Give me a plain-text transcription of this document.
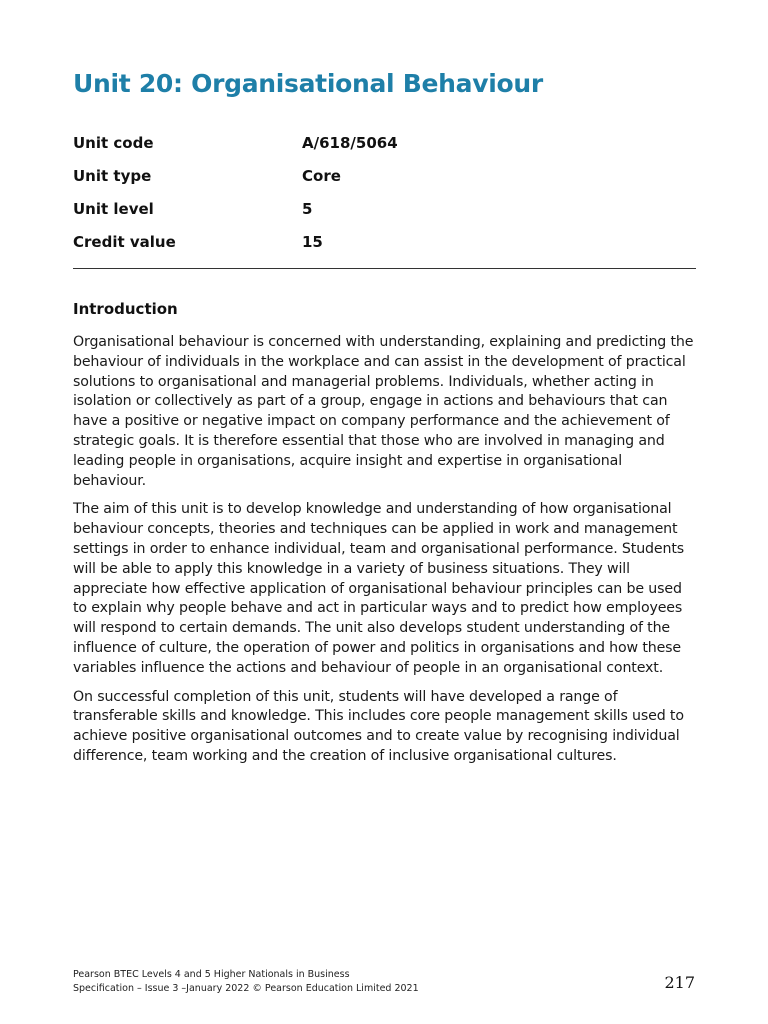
Unit 20: Organisational Behaviour
Unit code	A/618/5064
Unit type	Core
Unit level	5
Credit value	15
Introduction

Organisational behaviour is concerned with understanding, explaining and predicting the behaviour of individuals in the workplace and can assist in the development of practical solutions to organisational and managerial problems. Individuals, whether acting in isolation or collectively as part of a group, engage in actions and behaviours that can have a positive or negative impact on company performance and the achievement of strategic goals. It is therefore essential that those who are involved in managing and leading people in organisations, acquire insight and expertise in organisational behaviour.

The aim of this unit is to develop knowledge and understanding of how organisational behaviour concepts, theories and techniques can be applied in work and management settings in order to enhance individual, team and organisational performance. Students will be able to apply this knowledge in a variety of business situations. They will appreciate how effective application of organisational behaviour principles can be used to explain why people behave and act in particular ways and to predict how employees will respond to certain demands. The unit also develops student understanding of the influence of culture, the operation of power and politics in organisations and how these variables influence the actions and behaviour of people in an organisational context.

On successful completion of this unit, students will have developed a range of transferable skills and knowledge. This includes core people management skills used to achieve positive organisational outcomes and to create value by recognising individual difference, team working and the creation of inclusive organisational cultures.

Pearson BTEC Levels 4 and 5 Higher Nationals in Business
Specification – Issue 3 –January 2022 © Pearson Education Limited 2021	217
